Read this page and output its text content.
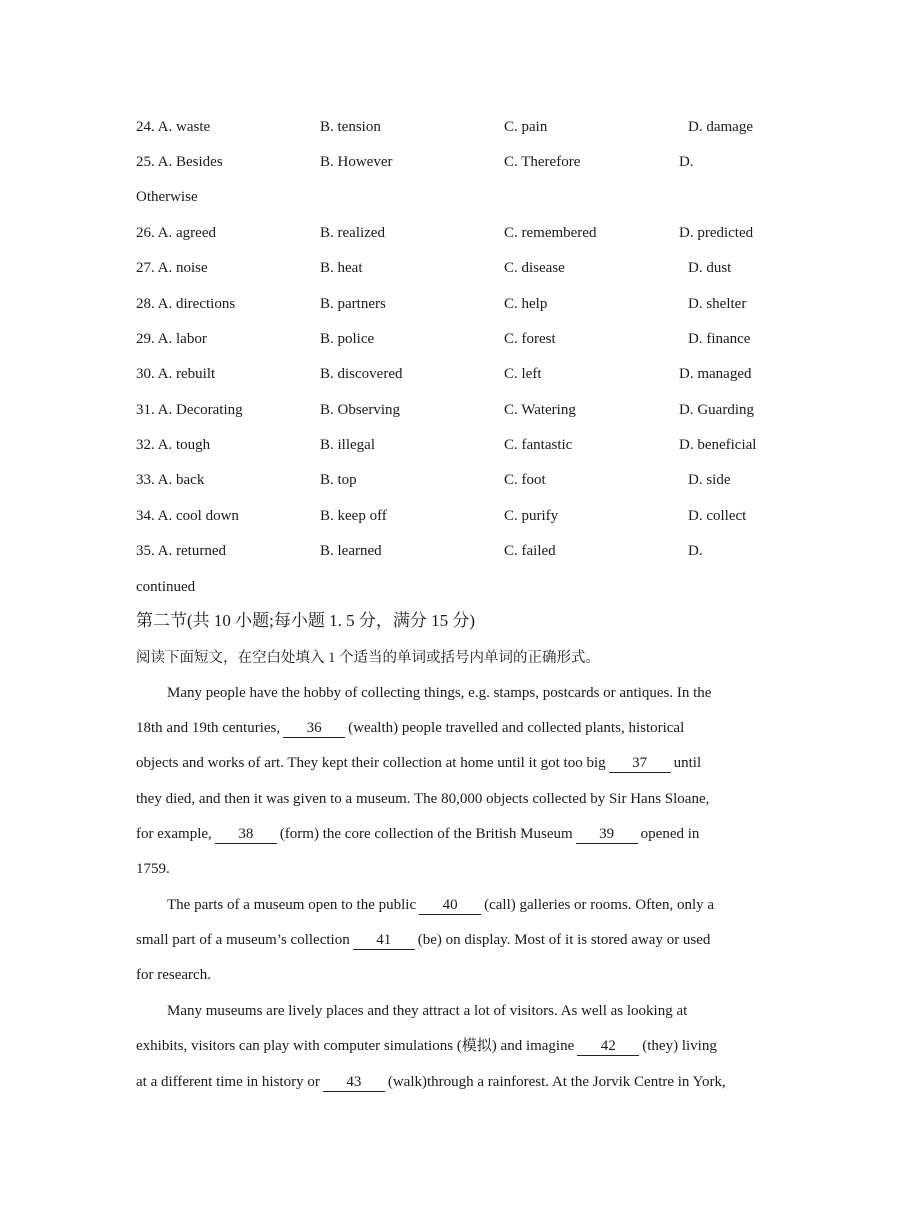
24. A. waste	B. tension	C. pain	D. damage
25. A. Besides	B. However	C. Therefore	D.
Otherwise
26. A. agreed	B. realized	C. remembered	D. predicted
27. A. noise	B. heat	C. disease	D. dust
28. A. directions	B. partners	C. help	D. shelter
29. A. labor	B. police	C. forest	D. finance
30. A. rebuilt	B. discovered	C. left	D. managed
31. A. Decorating	B. Observing	C. Watering	D. Guarding
32. A. tough	B. illegal	C. fantastic	D. beneficial
33. A. back	B. top	C. foot	D. side
34. A. cool down	B. keep off	C. purify	D. collect
35. A. returned	B. learned	C. failed	D.
continued
第二节(共 10 小题;每小题 1. 5 分，满分 15 分)
阅读下面短文，在空白处填入 1 个适当的单词或括号内单词的正确形式。
Many people have the hobby of collecting things, e.g. stamps, postcards or antiques. In the
18th and 19th centuries, 36 (wealth) people travelled and collected plants, historical
objects and works of art. They kept their collection at home until it got too big 37 until
they died, and then it was given to a museum. The 80,000 objects collected by Sir Hans Sloane,
for example, 38 (form) the core collection of the British Museum 39 opened in
1759.
The parts of a museum open to the public 40 (call) galleries or rooms. Often, only a
small part of a museum’s collection 41 (be) on display. Most of it is stored away or used
for research.
Many museums are lively places and they attract a lot of visitors. As well as looking at
exhibits, visitors can play with computer simulations (模拟) and imagine 42 (they) living
at a different time in history or 43 (walk)through a rainforest. At the Jorvik Centre in York,
